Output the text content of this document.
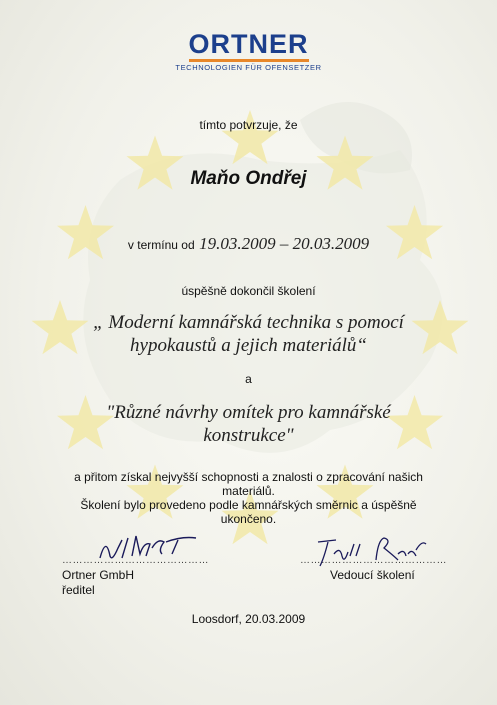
ORTNER
TECHNOLOGIEN FÜR OFENSETZER
tímto potvrzuje, že
Maňo Ondřej
v termínu od 19.03.2009 – 20.03.2009
úspěšně dokončil školení
„ Moderní kamnářská technika s pomocí
hypokaustů a jejich materiálů“
a
"Různé návrhy omítek pro kamnářské
konstrukce"
a přitom získal nejvyšší schopnosti a znalosti o zpracování našich
materiálů.
Školení bylo provedeno podle kamnářských směrnic a úspěšně
ukončeno.
……………………………………
Ortner GmbH
ředitel
……………………………………
Vedoucí školení
Loosdorf, 20.03.2009
